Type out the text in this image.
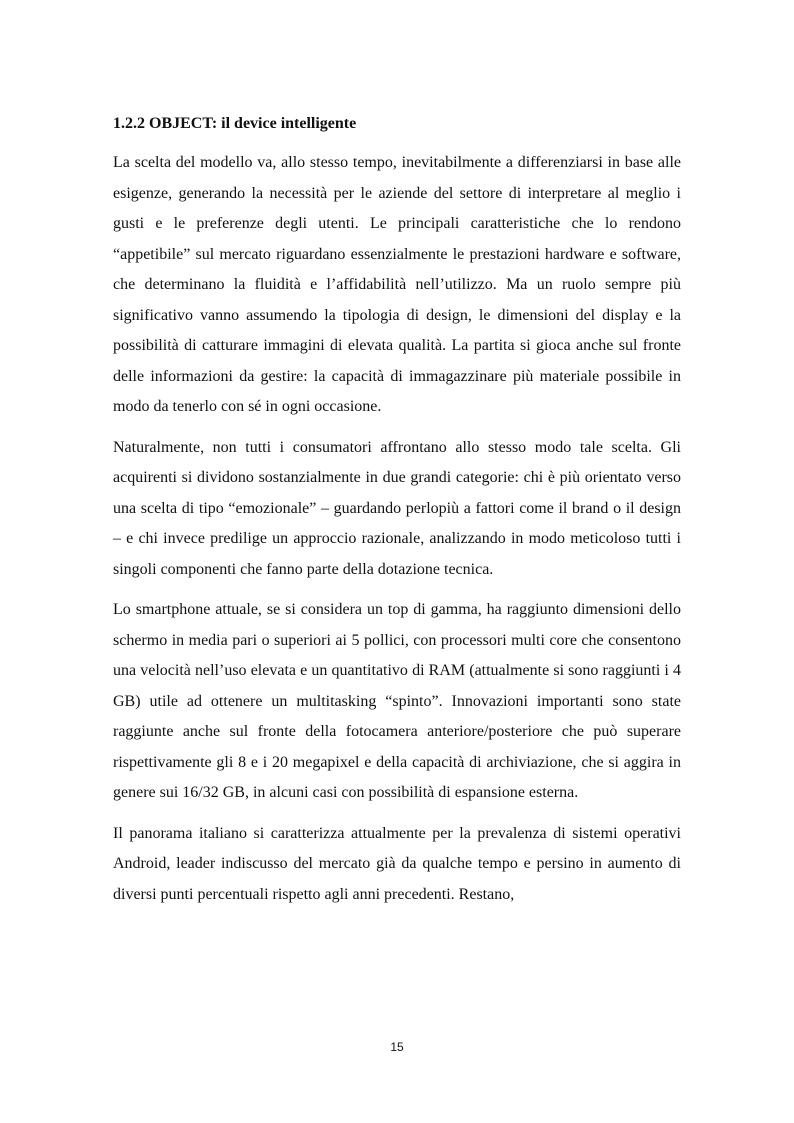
1.2.2 OBJECT: il device intelligente

La scelta del modello va, allo stesso tempo, inevitabilmente a differenziarsi in base alle esigenze, generando la necessità per le aziende del settore di interpretare al meglio i gusti e le preferenze degli utenti. Le principali caratteristiche che lo rendono “appetibile” sul mercato riguardano essenzialmente le prestazioni hardware e software, che determinano la fluidità e l’affidabilità nell’utilizzo. Ma un ruolo sempre più significativo vanno assumendo la tipologia di design, le dimensioni del display e la possibilità di catturare immagini di elevata qualità. La partita si gioca anche sul fronte delle informazioni da gestire: la capacità di immagazzinare più materiale possibile in modo da tenerlo con sé in ogni occasione.

Naturalmente, non tutti i consumatori affrontano allo stesso modo tale scelta. Gli acquirenti si dividono sostanzialmente in due grandi categorie: chi è più orientato verso una scelta di tipo “emozionale” – guardando perlopiù a fattori come il brand o il design – e chi invece predilige un approccio razionale, analizzando in modo meticoloso tutti i singoli componenti che fanno parte della dotazione tecnica.

Lo smartphone attuale, se si considera un top di gamma, ha raggiunto dimensioni dello schermo in media pari o superiori ai 5 pollici, con processori multi core che consentono una velocità nell’uso elevata e un quantitativo di RAM (attualmente si sono raggiunti i 4 GB) utile ad ottenere un multitasking “spinto”. Innovazioni importanti sono state raggiunte anche sul fronte della fotocamera anteriore/posteriore che può superare rispettivamente gli 8 e i 20 megapixel e della capacità di archiviazione, che si aggira in genere sui 16/32 GB, in alcuni casi con possibilità di espansione esterna.

Il panorama italiano si caratterizza attualmente per la prevalenza di sistemi operativi Android, leader indiscusso del mercato già da qualche tempo e persino in aumento di diversi punti percentuali rispetto agli anni precedenti. Restano,

15
